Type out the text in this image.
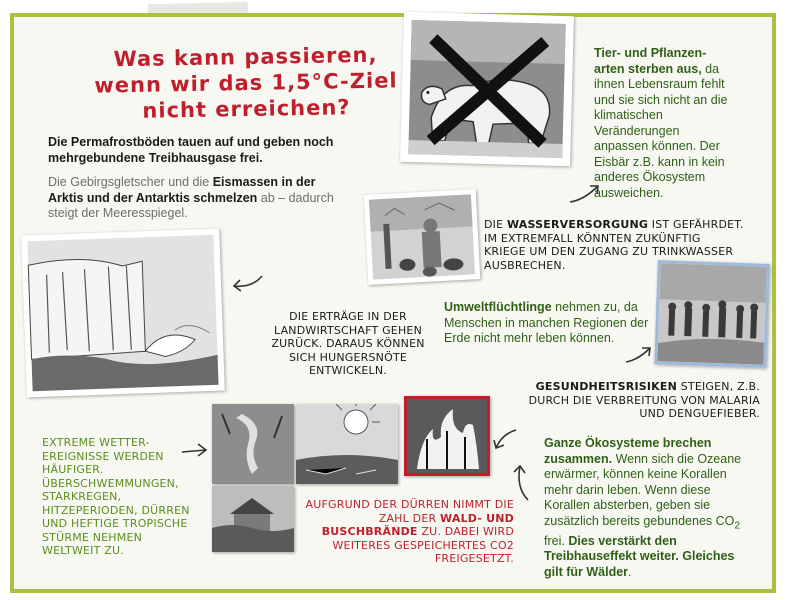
Was kann passieren,
wenn wir das 1,5°C-Ziel
nicht erreichen?
Die Permafrostböden tauen auf und geben noch mehrgebundene Treibhausgase frei.
Die Gebirgsgletscher und die Eismassen in der Arktis und der Antarktis schmelzen ab – dadurch steigt der Meeresspiegel.
Tier- und Pflanzen-arten sterben aus, da ihnen Lebensraum fehlt und sie sich nicht an die klimatischen Veränderungen anpassen können. Der Eisbär z.B. kann in kein anderes Ökosystem ausweichen.
DIE WASSERVERSORGUNG IST GEFÄHRDET. IM EXTREMFALL KÖNNTEN ZUKÜNFTIG KRIEGE UM DEN ZUGANG ZU TRINKWASSER AUSBRECHEN.
DIE ERTRÄGE IN DER LANDWIRTSCHAFT GEHEN ZURÜCK. DARAUS KÖNNEN SICH HUNGERSNÖTE ENTWICKELN.
Umweltflüchtlinge nehmen zu, da Menschen in manchen Regionen der Erde nicht mehr leben können.
GESUNDHEITSRISIKEN STEIGEN, Z.B. DURCH DIE VERBREITUNG VON MALARIA UND DENGUEFIEBER.
EXTREME WETTER-EREIGNISSE WERDEN HÄUFIGER. ÜBERSCHWEMMUNGEN, STARKREGEN, HITZEPERIODEN, DÜRREN UND HEFTIGE TROPISCHE STÜRME NEHMEN WELTWEIT ZU.
AUFGRUND DER DÜRREN NIMMT DIE ZAHL DER WALD- UND BUSCHBRÄNDE ZU. DABEI WIRD WEITERES GESPEICHERTES CO2 FREIGESETZT.
Ganze Ökosysteme brechen zusammen. Wenn sich die Ozeane erwärmer, können keine Korallen mehr darin leben. Wenn diese Korallen absterben, geben sie zusätzlich bereits gebundenes $CO_2$ frei. Dies verstärkt den Treibhauseffekt weiter. Gleiches gilt für Wälder.
